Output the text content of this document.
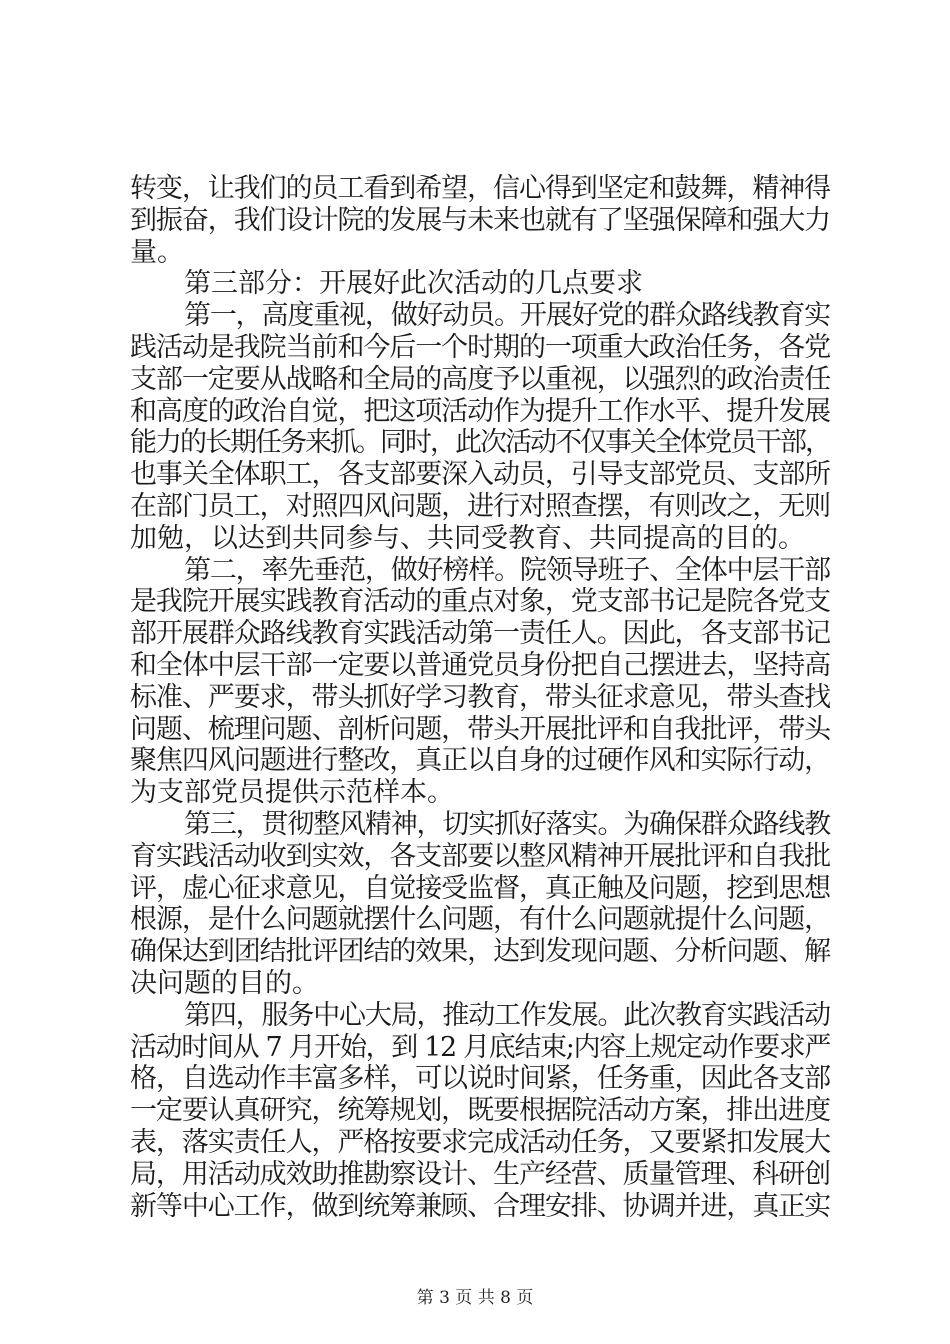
转变，让我们的员工看到希望，信心得到坚定和鼓舞，精神得
到振奋，我们设计院的发展与未来也就有了坚强保障和强大力
量。
第三部分：开展好此次活动的几点要求
第一，高度重视，做好动员。开展好党的群众路线教育实
践活动是我院当前和今后一个时期的一项重大政治任务，各党
支部一定要从战略和全局的高度予以重视，以强烈的政治责任
和高度的政治自觉，把这项活动作为提升工作水平、提升发展
能力的长期任务来抓。同时，此次活动不仅事关全体党员干部，
也事关全体职工，各支部要深入动员，引导支部党员、支部所
在部门员工，对照四风问题，进行对照查摆，有则改之，无则
加勉，以达到共同参与、共同受教育、共同提高的目的。
第二，率先垂范，做好榜样。院领导班子、全体中层干部
是我院开展实践教育活动的重点对象，党支部书记是院各党支
部开展群众路线教育实践活动第一责任人。因此，各支部书记
和全体中层干部一定要以普通党员身份把自己摆进去，坚持高
标准、严要求，带头抓好学习教育，带头征求意见，带头查找
问题、梳理问题、剖析问题，带头开展批评和自我批评，带头
聚焦四风问题进行整改，真正以自身的过硬作风和实际行动，
为支部党员提供示范样本。
第三，贯彻整风精神，切实抓好落实。为确保群众路线教
育实践活动收到实效，各支部要以整风精神开展批评和自我批
评，虚心征求意见，自觉接受监督，真正触及问题，挖到思想
根源，是什么问题就摆什么问题，有什么问题就提什么问题，
确保达到团结批评团结的效果，达到发现问题、分析问题、解
决问题的目的。
第四，服务中心大局，推动工作发展。此次教育实践活动
活动时间从 7 月开始，到 12 月底结束;内容上规定动作要求严
格，自选动作丰富多样，可以说时间紧，任务重，因此各支部
一定要认真研究，统筹规划，既要根据院活动方案，排出进度
表，落实责任人，严格按要求完成活动任务，又要紧扣发展大
局，用活动成效助推勘察设计、生产经营、质量管理、科研创
新等中心工作，做到统筹兼顾、合理安排、协调并进，真正实
第 3 页 共 8 页
